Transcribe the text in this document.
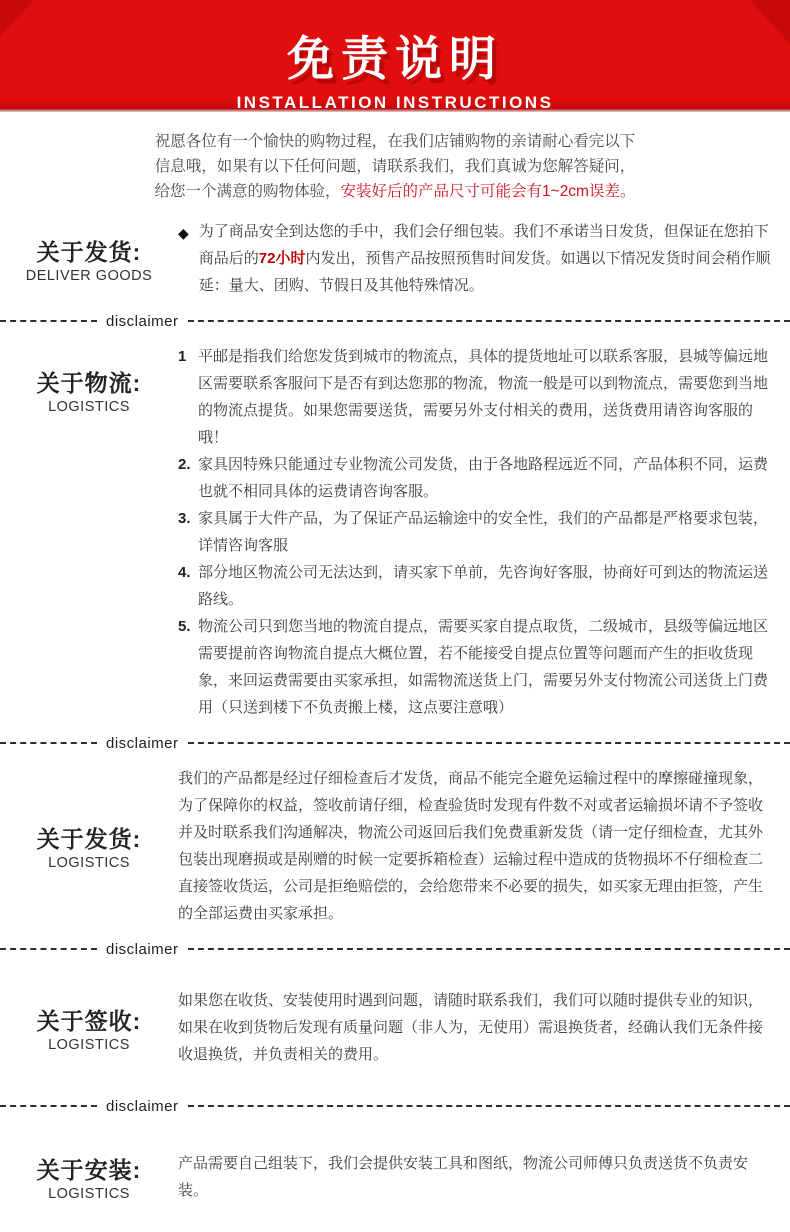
免责说明
INSTALLATION INSTRUCTIONS
祝愿各位有一个愉快的购物过程，在我们店铺购物的亲请耐心看完以下
信息哦，如果有以下任何问题，请联系我们，我们真诚为您解答疑问，
给您一个满意的购物体验，安装好后的产品尺寸可能会有1~2cm误差。
关于发货:
DELIVER GOODS
◆ 为了商品安全到达您的手中，我们会仔细包装。我们不承诺当日发货，但保证在您拍下商品后的72小时内发出，预售产品按照预售时间发货。如遇以下情况发货时间会稍作顺延：量大、团购、节假日及其他特殊情况。
disclaimer
关于物流:
LOGISTICS
1 平邮是指我们给您发货到城市的物流点，具体的提货地址可以联系客服，县城等偏远地区需要联系客服问下是否有到达您那的物流，物流一般是可以到物流点，需要您到当地的物流点提货。如果您需要送货，需要另外支付相关的费用，送货费用请咨询客服的哦！
2. 家具因特殊只能通过专业物流公司发货，由于各地路程远近不同，产品体积不同，运费也就不相同具体的运费请咨询客服。
3. 家具属于大件产品，为了保证产品运输途中的安全性，我们的产品都是严格要求包装，详情咨询客服
4. 部分地区物流公司无法达到，请买家下单前，先咨询好客服，协商好可到达的物流运送路线。
5. 物流公司只到您当地的物流自提点，需要买家自提点取货，二级城市，县级等偏远地区需要提前咨询物流自提点大概位置，若不能接受自提点位置等问题而产生的拒收货现象，来回运费需要由买家承担，如需物流送货上门，需要另外支付物流公司送货上门费用（只送到楼下不负责搬上楼，这点要注意哦）
disclaimer
关于发货:
LOGISTICS
我们的产品都是经过仔细检查后才发货，商品不能完全避免运输过程中的摩擦碰撞现象，为了保障你的权益，签收前请仔细，检查验货时发现有件数不对或者运输损坏请不予签收并及时联系我们沟通解决，物流公司返回后我们免费重新发货（请一定仔细检查，尤其外包装出现磨损或是剐赠的时候一定要拆箱检查）运输过程中造成的货物损坏不仔细检查二直接签收货运，公司是拒绝赔偿的，会给您带来不必要的损失，如买家无理由拒签，产生的全部运费由买家承担。
disclaimer
关于签收:
LOGISTICS
如果您在收货、安装使用时遇到问题，请随时联系我们，我们可以随时提供专业的知识，如果在收到货物后发现有质量问题（非人为，无使用）需退换货者，经确认我们无条件接收退换货，并负责相关的费用。
disclaimer
关于安装:
LOGISTICS
产品需要自己组装下，我们会提供安装工具和图纸，物流公司师傅只负责送货不负责安装。
